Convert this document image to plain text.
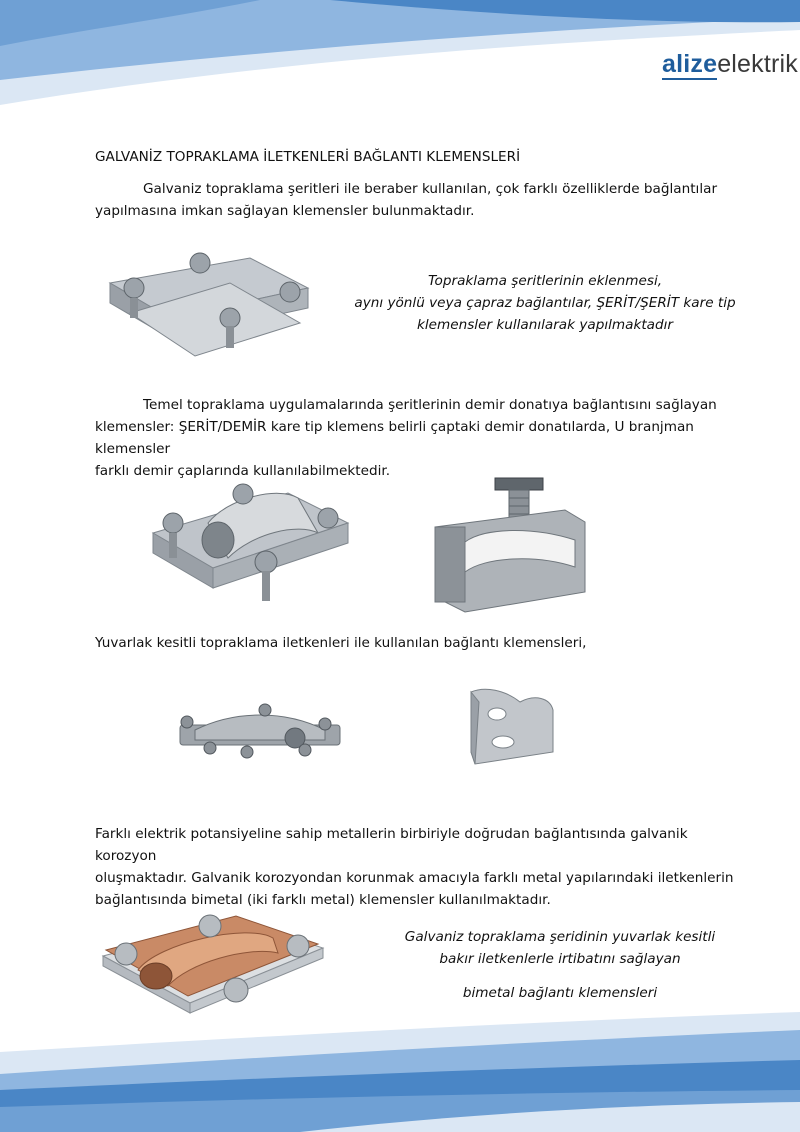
alizeelektrik
GALVANİZ TOPRAKLAMA İLETKENLERİ BAĞLANTI KLEMENSLERİ
Galvaniz topraklama şeritleri ile beraber kullanılan, çok farklı özelliklerde bağlantılar
yapılmasına imkan sağlayan klemensler bulunmaktadır.
Topraklama şeritlerinin eklenmesi,
aynı yönlü veya çapraz bağlantılar, ŞERİT/ŞERİT kare tip
klemensler kullanılarak yapılmaktadır
Temel topraklama uygulamalarında şeritlerinin demir donatıya bağlantısını sağlayan
klemensler: ŞERİT/DEMİR kare tip klemens belirli çaptaki demir donatılarda, U branjman klemensler
farklı demir çaplarında kullanılabilmektedir.
Yuvarlak kesitli topraklama iletkenleri ile kullanılan bağlantı klemensleri,
Farklı elektrik potansiyeline sahip metallerin birbiriyle doğrudan bağlantısında galvanik korozyon
oluşmaktadır. Galvanik korozyondan korunmak amacıyla farklı metal yapılarındaki iletkenlerin
bağlantısında bimetal (iki farklı metal) klemensler kullanılmaktadır.
Galvaniz topraklama şeridinin yuvarlak kesitli
bakır iletkenlerle irtibatını sağlayan
bimetal bağlantı klemensleri
